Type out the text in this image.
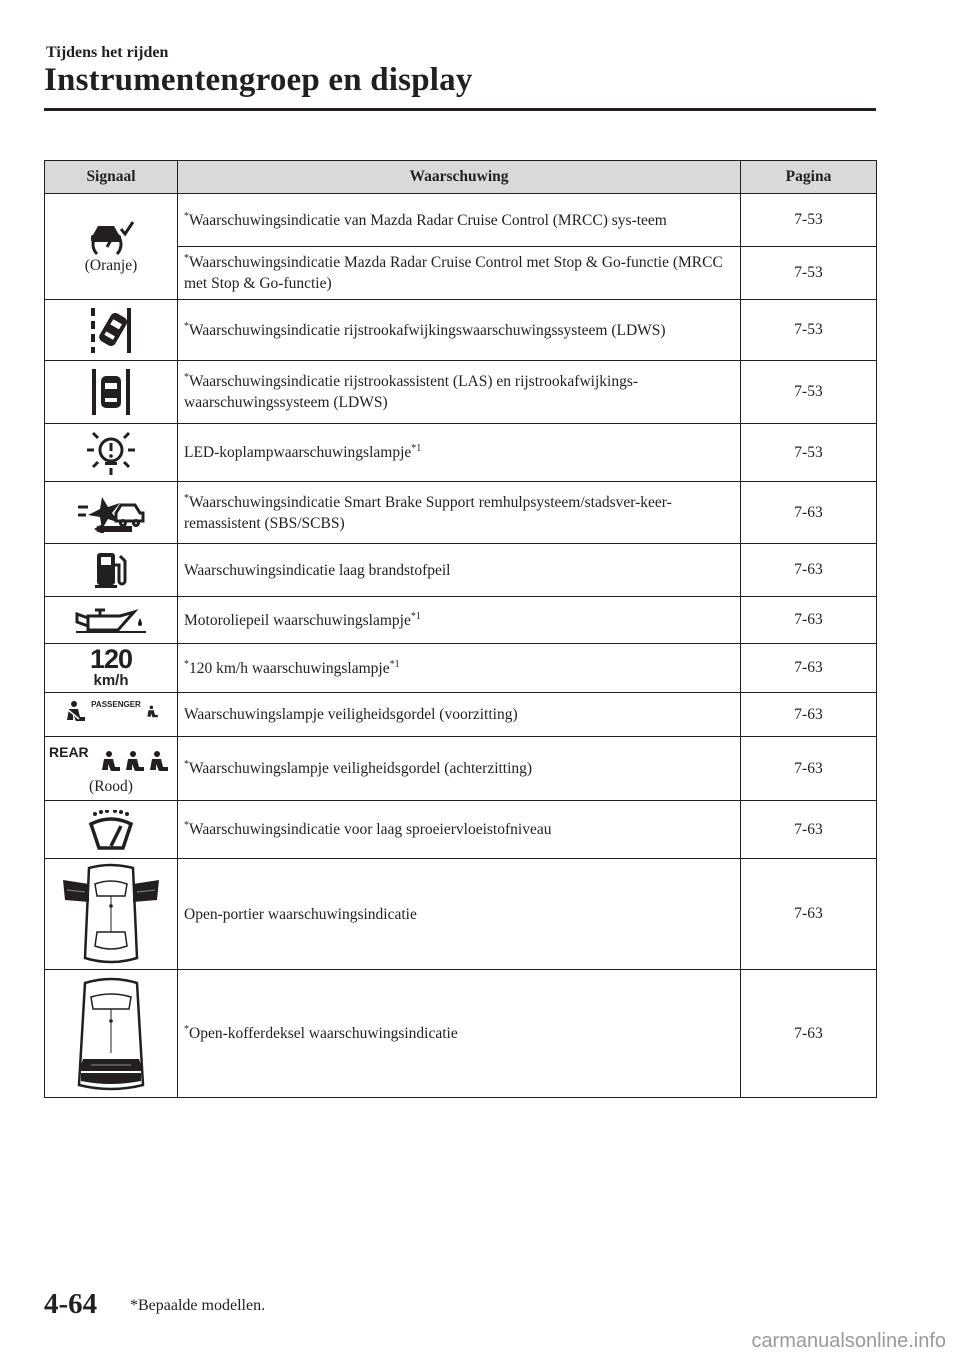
Tijdens het rijden
Instrumentengroep en display
Signaal	Waarschuwing	Pagina

(Oranje)	*Waarschuwingsindicatie van Mazda Radar Cruise Control (MRCC) sys-teem	7-53
	*Waarschuwingsindicatie Mazda Radar Cruise Control met Stop & Go-functie (MRCC met Stop & Go-functie)	7-53

	*Waarschuwingsindicatie rijstrookafwijkingswaarschuwingssysteem (LDWS)	7-53

	*Waarschuwingsindicatie rijstrookassistent (LAS) en rijstrookafwijkings-waarschuwingssysteem (LDWS)	7-53

	LED-koplampwaarschuwingslampje$^{*1}$	7-53

	*Waarschuwingsindicatie Smart Brake Support remhulpsysteem/stadsver-keer-remassistent (SBS/SCBS)	7-63

	Waarschuwingsindicatie laag brandstofpeil	7-63

	Motoroliepeil waarschuwingslampje$^{*1}$	7-63

120
km/h	*120 km/h waarschuwingslampje$^{*1}$	7-63

PASSENGER	Waarschuwingslampje veiligheidsgordel (voorzitting)	7-63

REAR
(Rood)	*Waarschuwingslampje veiligheidsgordel (achterzitting)	7-63

	*Waarschuwingsindicatie voor laag sproeiervloeistofniveau	7-63

	Open-portier waarschuwingsindicatie	7-63

	*Open-kofferdeksel waarschuwingsindicatie	7-63
4-64 *Bepaalde modellen.
carmanualsonline.info
